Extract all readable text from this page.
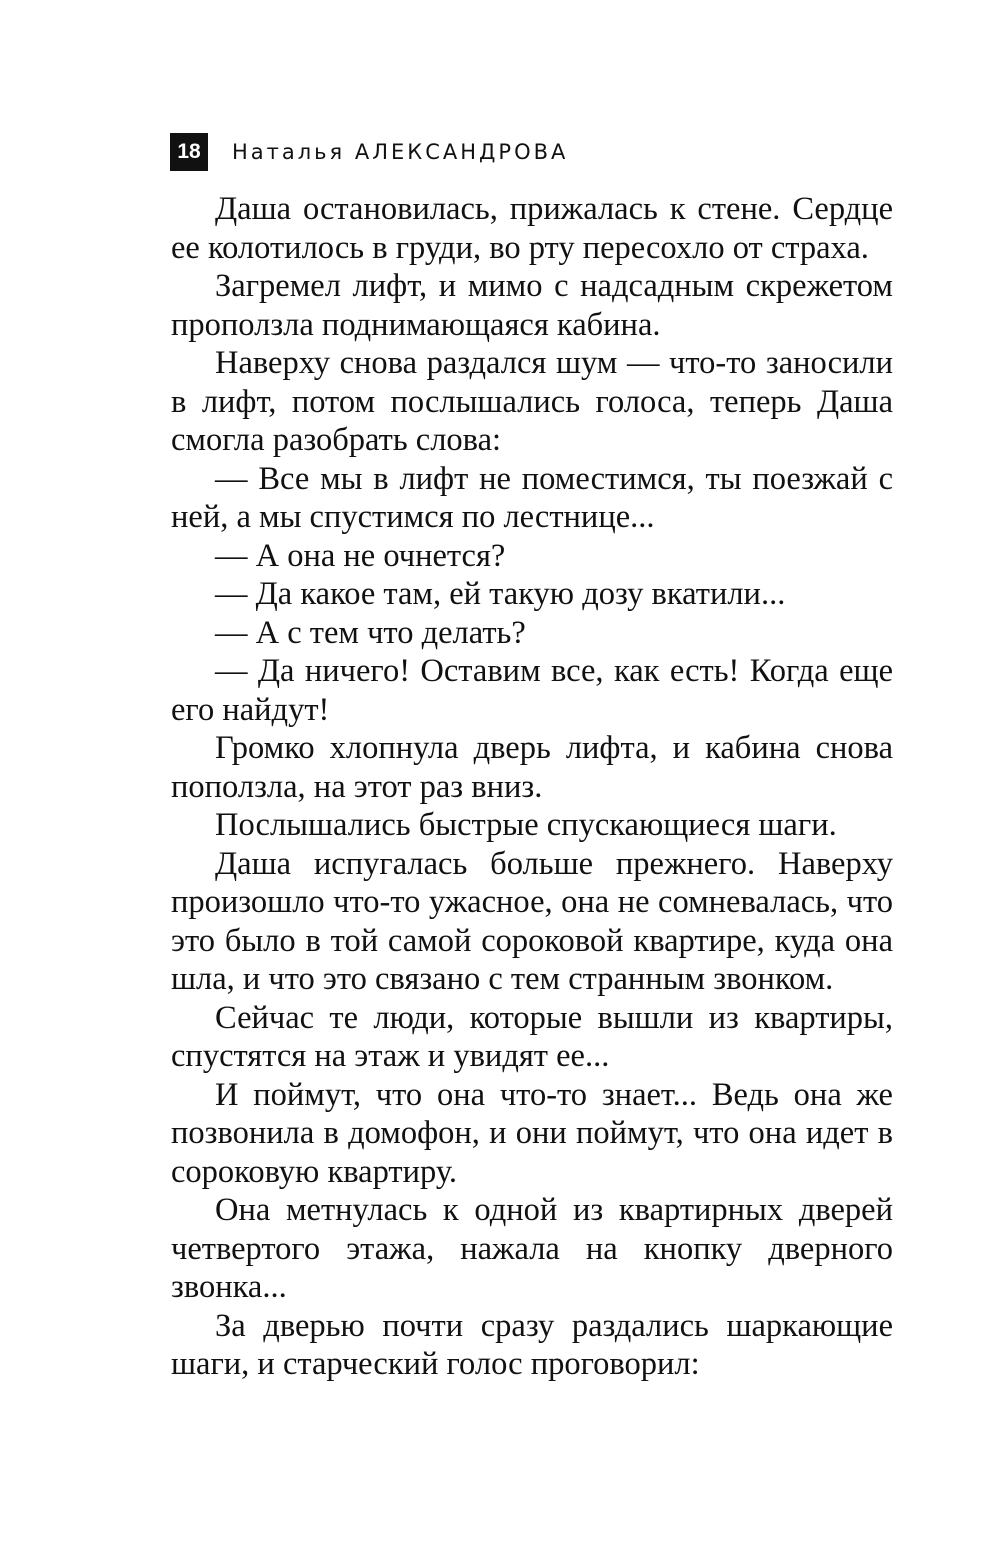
18	Наталья АЛЕКСАНДРОВА

Даша остановилась, прижалась к стене. Сердце ее колотилось в груди, во рту пересохло от страха.

Загремел лифт, и мимо с надсадным скрежетом проползла поднимающаяся кабина.

Наверху снова раздался шум — что-то заносили в лифт, потом послышались голоса, теперь Даша смогла разобрать слова:

— Все мы в лифт не поместимся, ты поезжай с ней, а мы спустимся по лестнице...

— А она не очнется?

— Да какое там, ей такую дозу вкатили...

— А с тем что делать?

— Да ничего! Оставим все, как есть! Когда еще его найдут!

Громко хлопнула дверь лифта, и кабина снова поползла, на этот раз вниз.

Послышались быстрые спускающиеся шаги.

Даша испугалась больше прежнего. Наверху произошло что-то ужасное, она не сомневалась, что это было в той самой сороковой квартире, куда она шла, и что это связано с тем странным звонком.

Сейчас те люди, которые вышли из квартиры, спустятся на этаж и увидят ее...

И поймут, что она что-то знает... Ведь она же позвонила в домофон, и они поймут, что она идет в сороковую квартиру.

Она метнулась к одной из квартирных дверей четвертого этажа, нажала на кнопку дверного звонка...

За дверью почти сразу раздались шаркающие шаги, и старческий голос проговорил:
